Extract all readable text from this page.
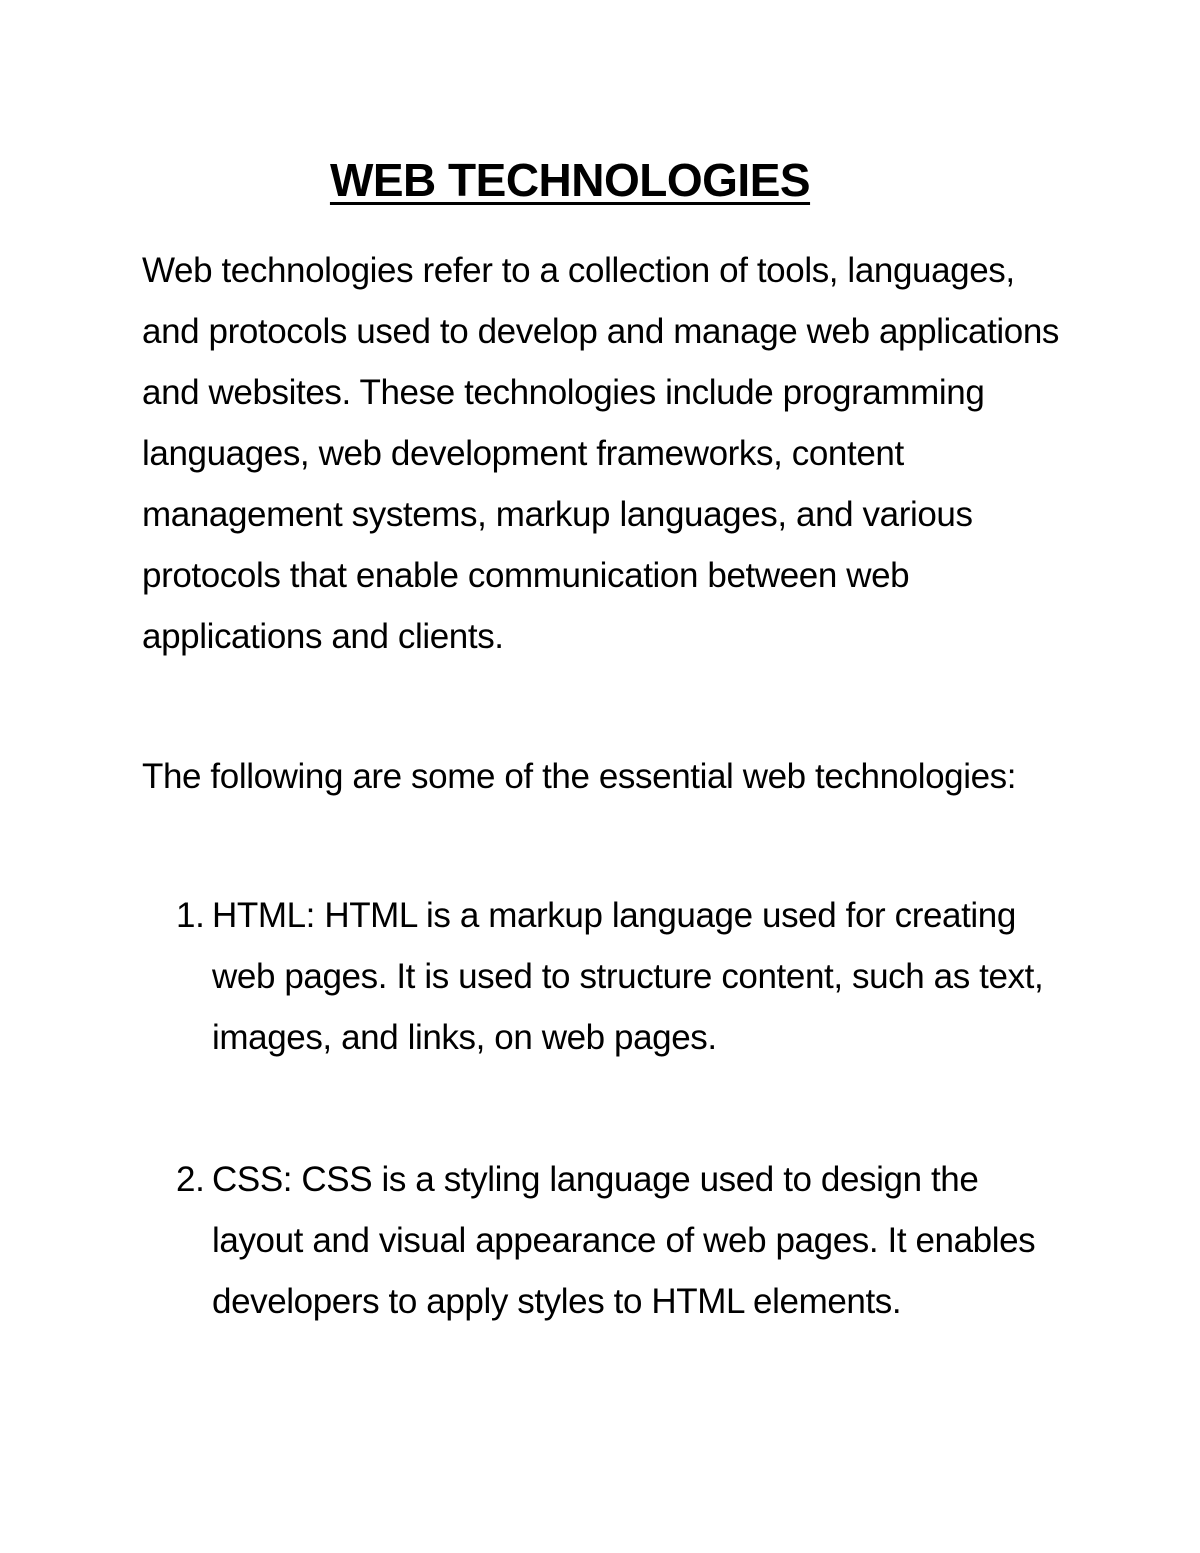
WEB TECHNOLOGIES

Web technologies refer to a collection of tools, languages, and protocols used to develop and manage web applications and websites. These technologies include programming languages, web development frameworks, content management systems, markup languages, and various protocols that enable communication between web applications and clients.

The following are some of the essential web technologies:

1. HTML: HTML is a markup language used for creating web pages. It is used to structure content, such as text, images, and links, on web pages.
2. CSS: CSS is a styling language used to design the layout and visual appearance of web pages. It enables developers to apply styles to HTML elements.
